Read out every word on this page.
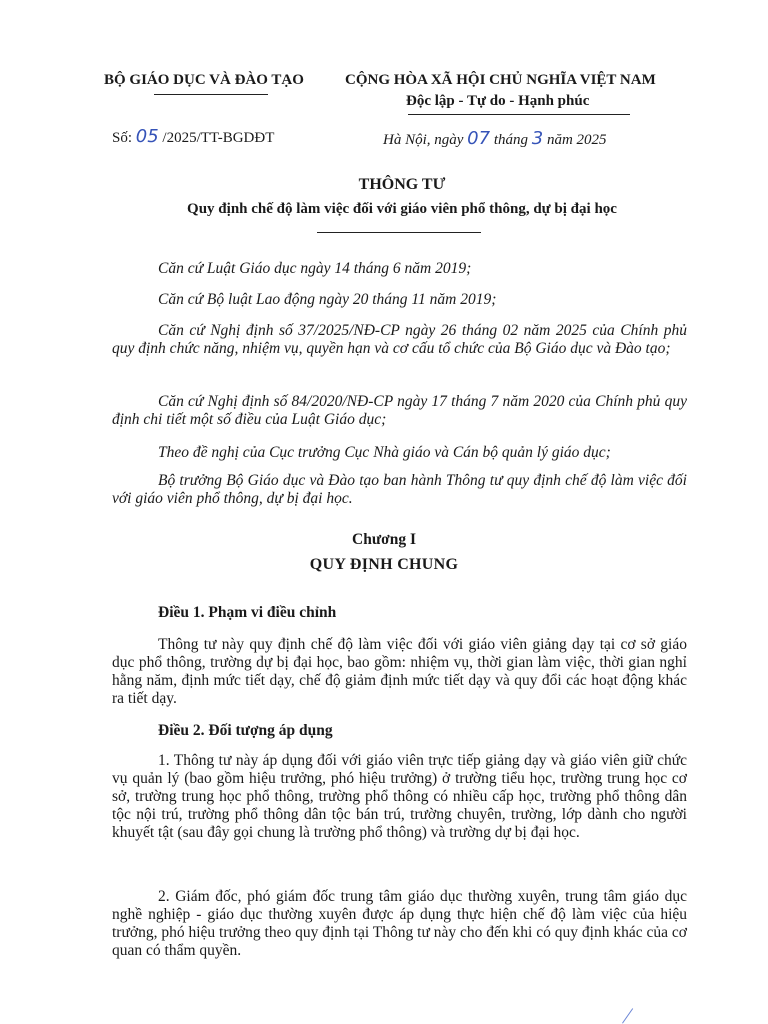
BỘ GIÁO DỤC VÀ ĐÀO TẠO	CỘNG HÒA XÃ HỘI CHỦ NGHĨA VIỆT NAM
Độc lập - Tự do - Hạnh phúc
Số: 05 /2025/TT-BGDĐT	Hà Nội, ngày 07 tháng 3 năm 2025
THÔNG TƯ
Quy định chế độ làm việc đối với giáo viên phổ thông, dự bị đại học
Căn cứ Luật Giáo dục ngày 14 tháng 6 năm 2019;
Căn cứ Bộ luật Lao động ngày 20 tháng 11 năm 2019;
Căn cứ Nghị định số 37/2025/NĐ-CP ngày 26 tháng 02 năm 2025 của Chính phủ quy định chức năng, nhiệm vụ, quyền hạn và cơ cấu tổ chức của Bộ Giáo dục và Đào tạo;
Căn cứ Nghị định số 84/2020/NĐ-CP ngày 17 tháng 7 năm 2020 của Chính phủ quy định chi tiết một số điều của Luật Giáo dục;
Theo đề nghị của Cục trưởng Cục Nhà giáo và Cán bộ quản lý giáo dục;
Bộ trưởng Bộ Giáo dục và Đào tạo ban hành Thông tư quy định chế độ làm việc đối với giáo viên phổ thông, dự bị đại học.
Chương I
QUY ĐỊNH CHUNG
Điều 1. Phạm vi điều chỉnh
Thông tư này quy định chế độ làm việc đối với giáo viên giảng dạy tại cơ sở giáo dục phổ thông, trường dự bị đại học, bao gồm: nhiệm vụ, thời gian làm việc, thời gian nghỉ hằng năm, định mức tiết dạy, chế độ giảm định mức tiết dạy và quy đổi các hoạt động khác ra tiết dạy.
Điều 2. Đối tượng áp dụng
1. Thông tư này áp dụng đối với giáo viên trực tiếp giảng dạy và giáo viên giữ chức vụ quản lý (bao gồm hiệu trưởng, phó hiệu trưởng) ở trường tiểu học, trường trung học cơ sở, trường trung học phổ thông, trường phổ thông có nhiều cấp học, trường phổ thông dân tộc nội trú, trường phổ thông dân tộc bán trú, trường chuyên, trường, lớp dành cho người khuyết tật (sau đây gọi chung là trường phổ thông) và trường dự bị đại học.
2. Giám đốc, phó giám đốc trung tâm giáo dục thường xuyên, trung tâm giáo dục nghề nghiệp - giáo dục thường xuyên được áp dụng thực hiện chế độ làm việc của hiệu trưởng, phó hiệu trưởng theo quy định tại Thông tư này cho đến khi có quy định khác của cơ quan có thẩm quyền.
